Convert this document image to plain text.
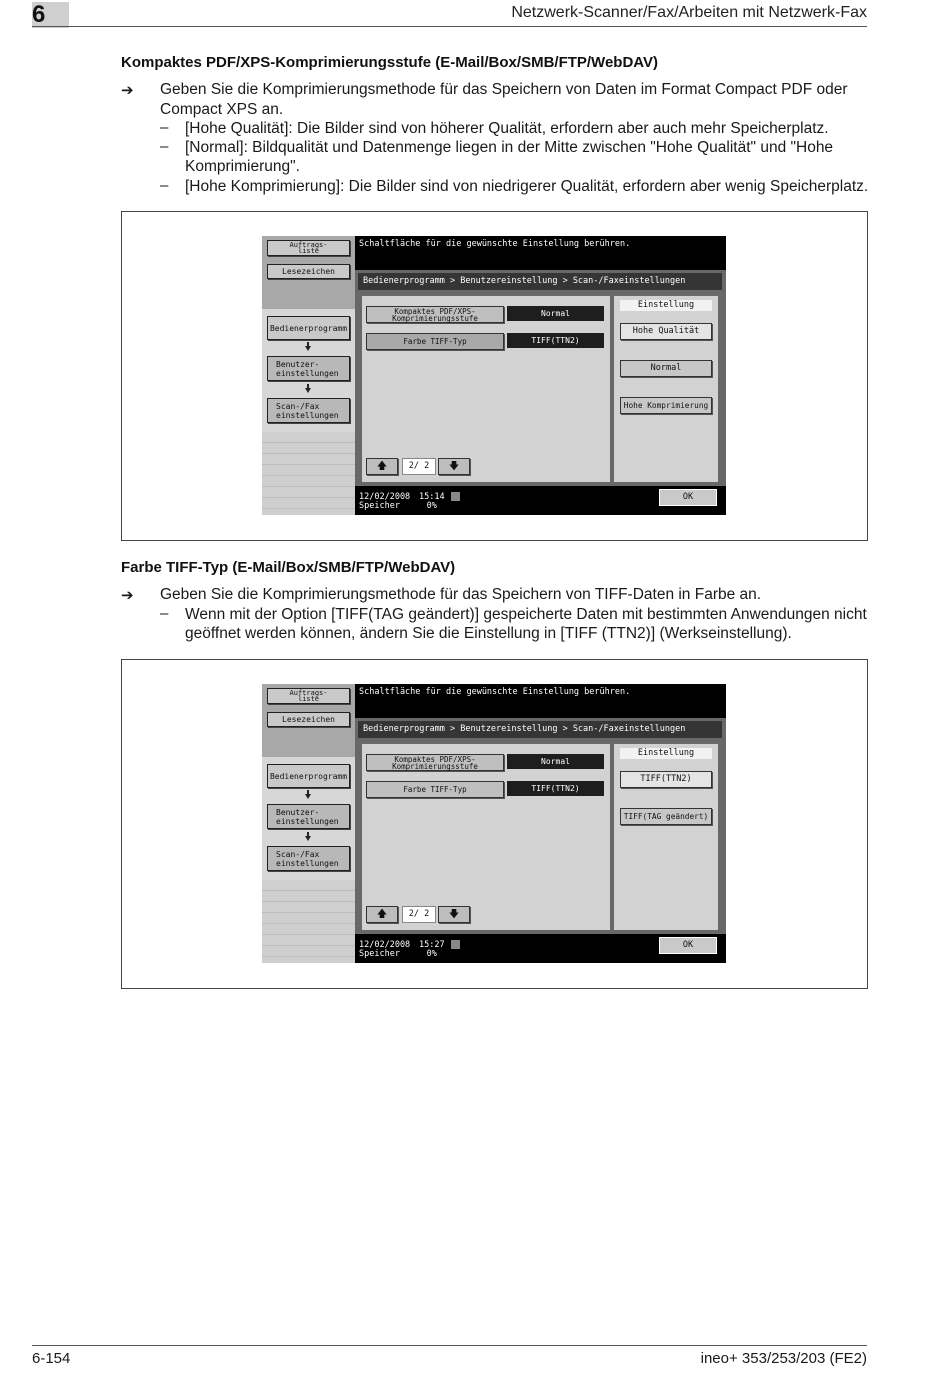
6	Netzwerk-Scanner/Fax/Arbeiten mit Netzwerk-Fax
Kompaktes PDF/XPS-Komprimierungsstufe (E-Mail/Box/SMB/FTP/WebDAV)
➔ Geben Sie die Komprimierungsmethode für das Speichern von Daten im Format Compact PDF oder
Compact XPS an.
– [Hohe Qualität]: Die Bilder sind von höherer Qualität, erfordern aber auch mehr Speicherplatz.
– [Normal]: Bildqualität und Datenmenge liegen in der Mitte zwischen "Hohe Qualität" und "Hohe
Komprimierung".
– [Hohe Komprimierung]: Die Bilder sind von niedrigerer Qualität, erfordern aber wenig Speicherplatz.
Auftrags-
liste
Lesezeichen
Bedienerprogramm
Benutzer-
einstellungen
Scan-/Fax
einstellungen
Schaltfläche für die gewünschte Einstellung berühren.
Bedienerprogramm > Benutzereinstellung > Scan-/Faxeinstellungen
Kompaktes PDF/XPS-
Komprimierungsstufe	Normal
Farbe TIFF-Typ	TIFF(TTN2)
🡅	2/ 2	🡇
Einstellung
Hohe Qualität
Normal
Hohe Komprimierung
12/02/2008
Speicher
15:14
0%
OK
Farbe TIFF-Typ (E-Mail/Box/SMB/FTP/WebDAV)
➔ Geben Sie die Komprimierungsmethode für das Speichern von TIFF-Daten in Farbe an.
– Wenn mit der Option [TIFF(TAG geändert)] gespeicherte Daten mit bestimmten Anwendungen nicht
geöffnet werden können, ändern Sie die Einstellung in [TIFF (TTN2)] (Werkseinstellung).
Auftrags-
liste
Lesezeichen
Bedienerprogramm
Benutzer-
einstellungen
Scan-/Fax
einstellungen
Schaltfläche für die gewünschte Einstellung berühren.
Bedienerprogramm > Benutzereinstellung > Scan-/Faxeinstellungen
Kompaktes PDF/XPS-
Komprimierungsstufe	Normal
Farbe TIFF-Typ	TIFF(TTN2)
🡅	2/ 2	🡇
Einstellung
TIFF(TTN2)
TIFF(TAG geändert)
12/02/2008
Speicher
15:27
0%
OK
6-154	ineo+ 353/253/203 (FE2)
